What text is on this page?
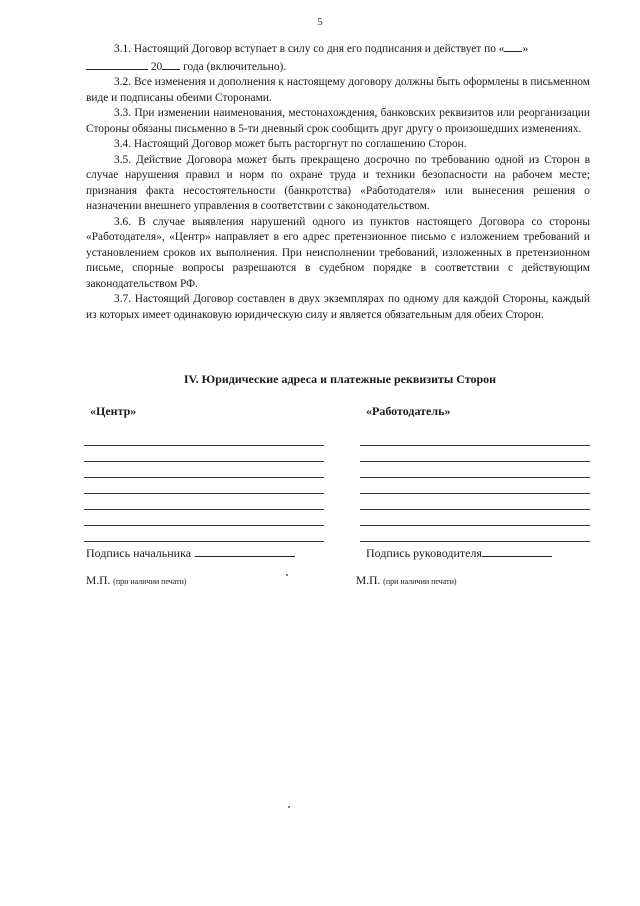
5

3.1. Настоящий Договор вступает в силу со дня его подписания и действует по « »
20 года (включительно).

3.2. Все изменения и дополнения к настоящему договору должны быть оформлены в письменном виде и подписаны обеими Сторонами.

3.3. При изменении наименования, местонахождения, банковских реквизитов или реорганизации Стороны обязаны письменно в 5-ти дневный срок сообщить друг другу о произошедших изменениях.

3.4. Настоящий Договор может быть расторгнут по соглашению Сторон.

3.5. Действие Договора может быть прекращено досрочно по требованию одной из Сторон в случае нарушения правил и норм по охране труда и техники безопасности на рабочем месте; признания факта несостоятельности (банкротства) «Работодателя» или вынесения решения о назначении внешнего управления в соответствии с законодательством.

3.6. В случае выявления нарушений одного из пунктов настоящего Договора со стороны «Работодателя», «Центр» направляет в его адрес претензионное письмо с изложением требований и установлением сроков их выполнения. При неисполнении требований, изложенных в претензионном письме, спорные вопросы разрешаются в судебном порядке в соответствии с действующим законодательством РФ.

3.7. Настоящий Договор составлен в двух экземплярах по одному для каждой Стороны, каждый из которых имеет одинаковую юридическую силу и является обязательным для обеих Сторон.

IV. Юридические адреса и платежные реквизиты Сторон
«Центр»	«Работодатель»
Подпись начальника	Подпись руководителя
М.П. (при наличии печати)	М.П. (при наличии печати)
